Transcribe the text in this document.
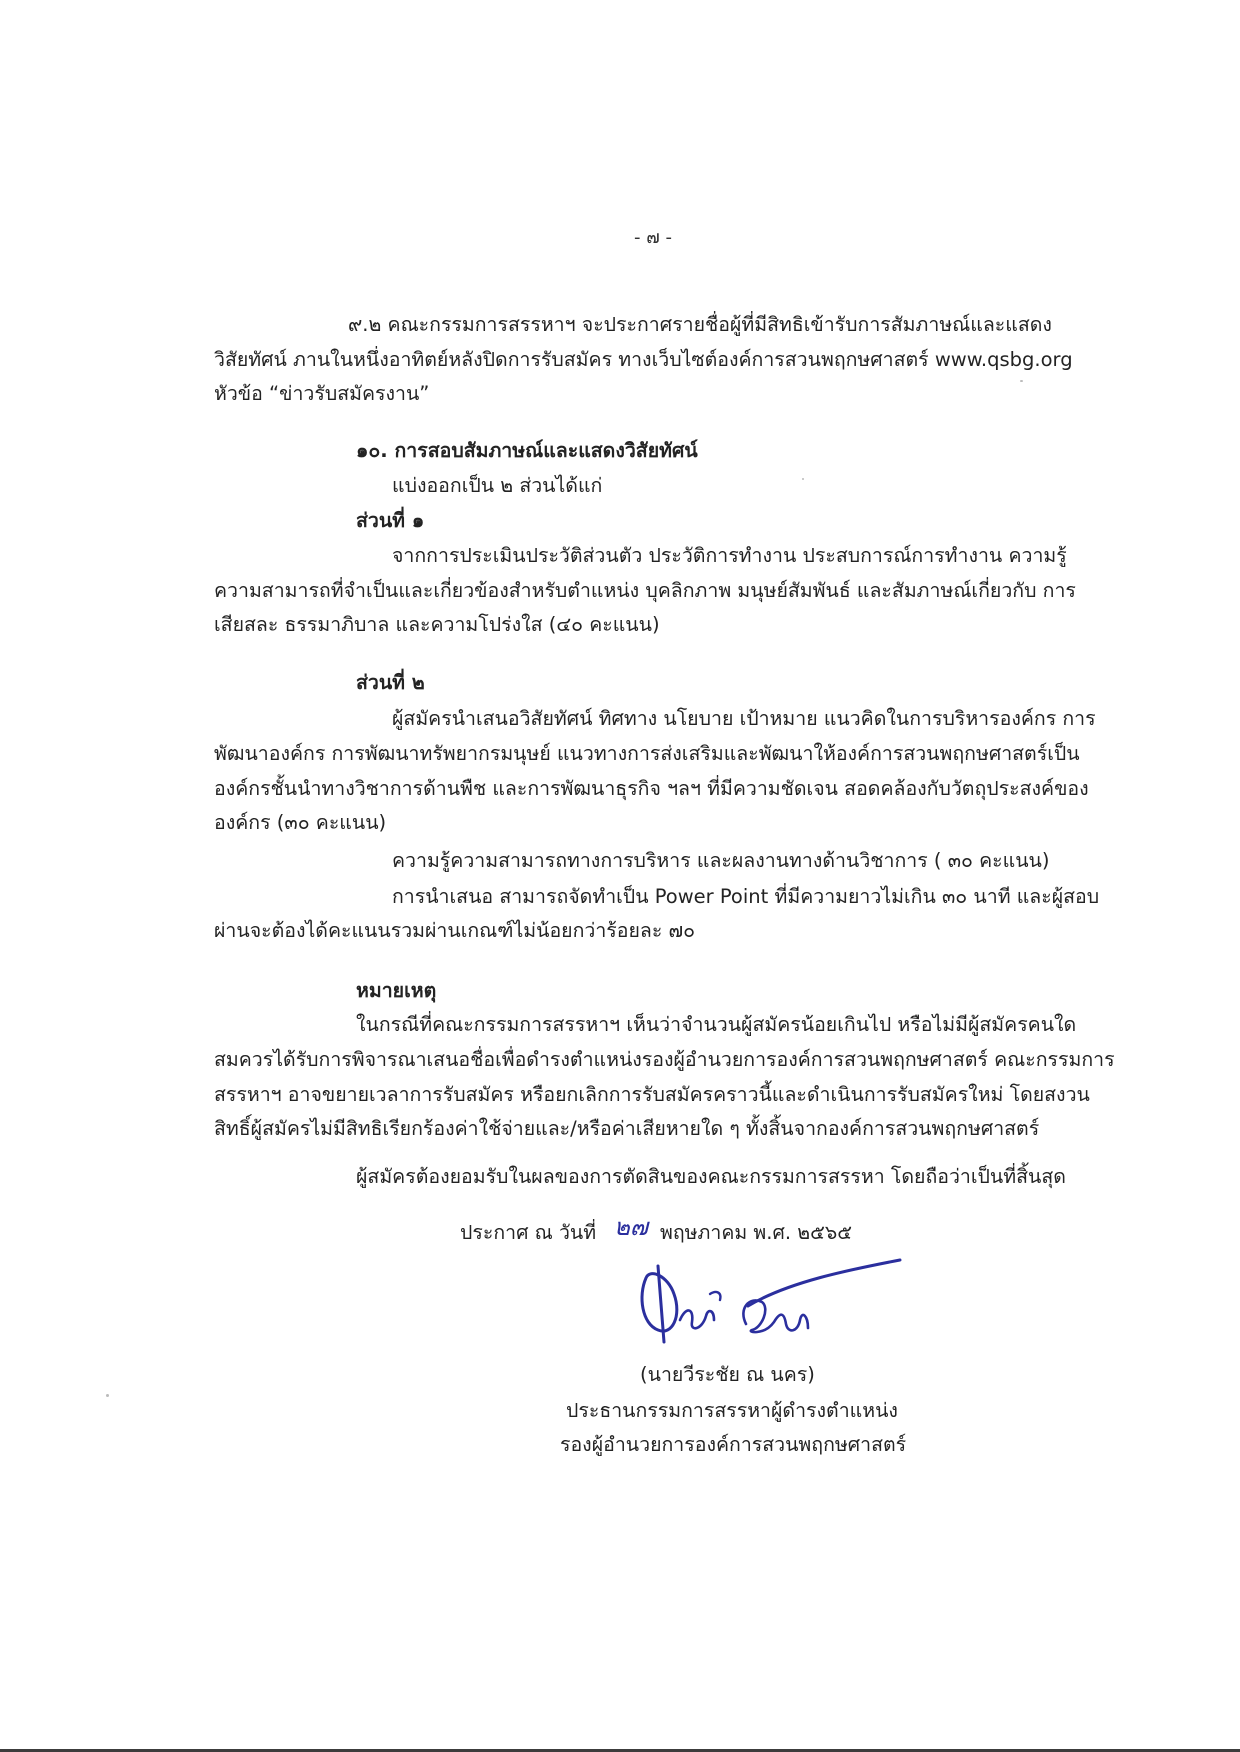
- ๗ -
๙.๒ คณะกรรมการสรรหาฯ จะประกาศรายชื่อผู้ที่มีสิทธิเข้ารับการสัมภาษณ์และแสดง
วิสัยทัศน์ ภานในหนึ่งอาทิตย์หลังปิดการรับสมัคร ทางเว็บไซต์องค์การสวนพฤกษศาสตร์ www.qsbg.org
หัวข้อ “ข่าวรับสมัครงาน”
๑๐. การสอบสัมภาษณ์และแสดงวิสัยทัศน์
แบ่งออกเป็น ๒ ส่วนได้แก่
ส่วนที่ ๑
จากการประเมินประวัติส่วนตัว ประวัติการทำงาน ประสบการณ์การทำงาน ความรู้
ความสามารถที่จำเป็นและเกี่ยวข้องสำหรับตำแหน่ง บุคลิกภาพ มนุษย์สัมพันธ์ และสัมภาษณ์เกี่ยวกับ การ
เสียสละ ธรรมาภิบาล และความโปร่งใส (๔๐ คะแนน)
ส่วนที่ ๒
ผู้สมัครนำเสนอวิสัยทัศน์ ทิศทาง นโยบาย เป้าหมาย แนวคิดในการบริหารองค์กร การ
พัฒนาองค์กร การพัฒนาทรัพยากรมนุษย์ แนวทางการส่งเสริมและพัฒนาให้องค์การสวนพฤกษศาสตร์เป็น
องค์กรชั้นนำทางวิชาการด้านพืช และการพัฒนาธุรกิจ ฯลฯ ที่มีความชัดเจน สอดคล้องกับวัตถุประสงค์ของ
องค์กร (๓๐ คะแนน)
ความรู้ความสามารถทางการบริหาร และผลงานทางด้านวิชาการ ( ๓๐ คะแนน)
การนำเสนอ สามารถจัดทำเป็น Power Point ที่มีความยาวไม่เกิน ๓๐ นาที และผู้สอบ
ผ่านจะต้องได้คะแนนรวมผ่านเกณฑ์ไม่น้อยกว่าร้อยละ ๗๐
หมายเหตุ
ในกรณีที่คณะกรรมการสรรหาฯ เห็นว่าจำนวนผู้สมัครน้อยเกินไป หรือไม่มีผู้สมัครคนใด
สมควรได้รับการพิจารณาเสนอชื่อเพื่อดำรงตำแหน่งรองผู้อำนวยการองค์การสวนพฤกษศาสตร์ คณะกรรมการ
สรรหาฯ อาจขยายเวลาการรับสมัคร หรือยกเลิกการรับสมัครคราวนี้และดำเนินการรับสมัครใหม่ โดยสงวน
สิทธิ์ผู้สมัครไม่มีสิทธิเรียกร้องค่าใช้จ่ายและ/หรือค่าเสียหายใด ๆ ทั้งสิ้นจากองค์การสวนพฤกษศาสตร์
ผู้สมัครต้องยอมรับในผลของการตัดสินของคณะกรรมการสรรหา โดยถือว่าเป็นที่สิ้นสุด
ประกาศ ณ วันที่ ๒๗ พฤษภาคม พ.ศ. ๒๕๖๕
(นายวีระชัย ณ นคร)
ประธานกรรมการสรรหาผู้ดำรงตำแหน่ง
รองผู้อำนวยการองค์การสวนพฤกษศาสตร์
